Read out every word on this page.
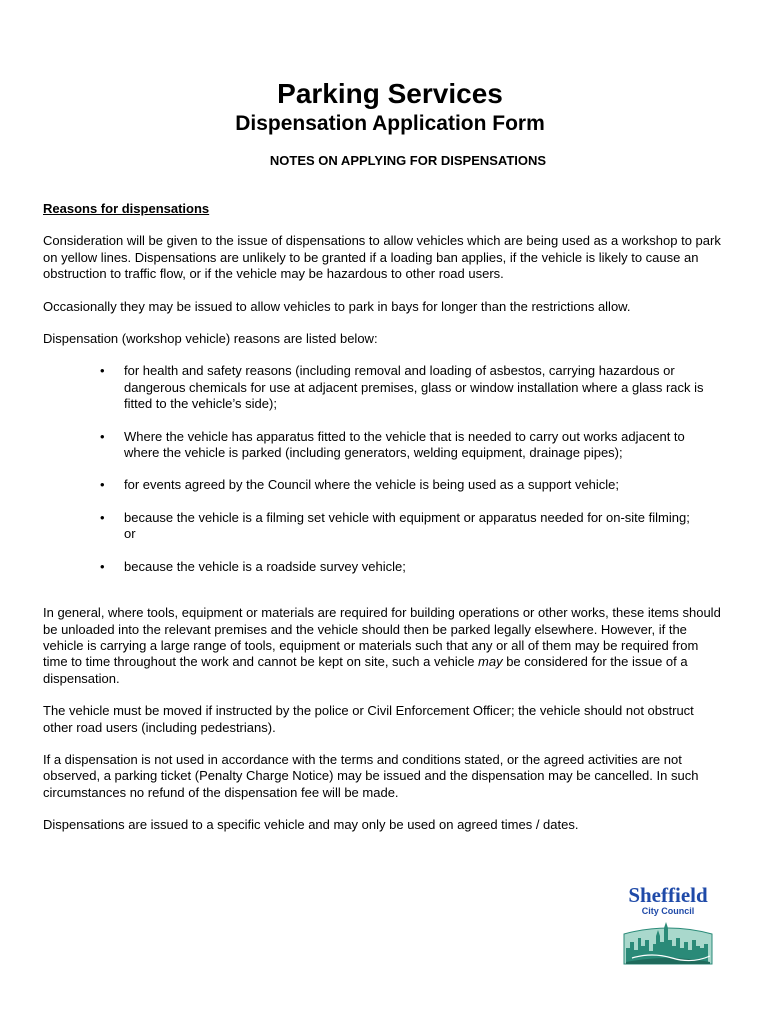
Parking Services
Dispensation Application Form
NOTES ON APPLYING FOR DISPENSATIONS

Reasons for dispensations

Consideration will be given to the issue of dispensations to allow vehicles which are being used as a workshop to park on yellow lines. Dispensations are unlikely to be granted if a loading ban applies, if the vehicle is likely to cause an obstruction to traffic flow, or if the vehicle may be hazardous to other road users.

Occasionally they may be issued to allow vehicles to park in bays for longer than the restrictions allow.

Dispensation (workshop vehicle) reasons are listed below:

• for health and safety reasons (including removal and loading of asbestos, carrying hazardous or dangerous chemicals for use at adjacent premises, glass or window installation where a glass rack is fitted to the vehicle’s side);
• Where the vehicle has apparatus fitted to the vehicle that is needed to carry out works adjacent to where the vehicle is parked (including generators, welding equipment, drainage pipes);
• for events agreed by the Council where the vehicle is being used as a support vehicle;
• because the vehicle is a filming set vehicle with equipment or apparatus needed for on-site filming; or
• because the vehicle is a roadside survey vehicle;

In general, where tools, equipment or materials are required for building operations or other works, these items should be unloaded into the relevant premises and the vehicle should then be parked legally elsewhere. However, if the vehicle is carrying a large range of tools, equipment or materials such that any or all of them may be required from time to time throughout the work and cannot be kept on site, such a vehicle may be considered for the issue of a dispensation.

The vehicle must be moved if instructed by the police or Civil Enforcement Officer; the vehicle should not obstruct other road users (including pedestrians).

If a dispensation is not used in accordance with the terms and conditions stated, or the agreed activities are not observed, a parking ticket (Penalty Charge Notice) may be issued and the dispensation may be cancelled. In such circumstances no refund of the dispensation fee will be made.

Dispensations are issued to a specific vehicle and may only be used on agreed times / dates.

Sheffield
City Council
